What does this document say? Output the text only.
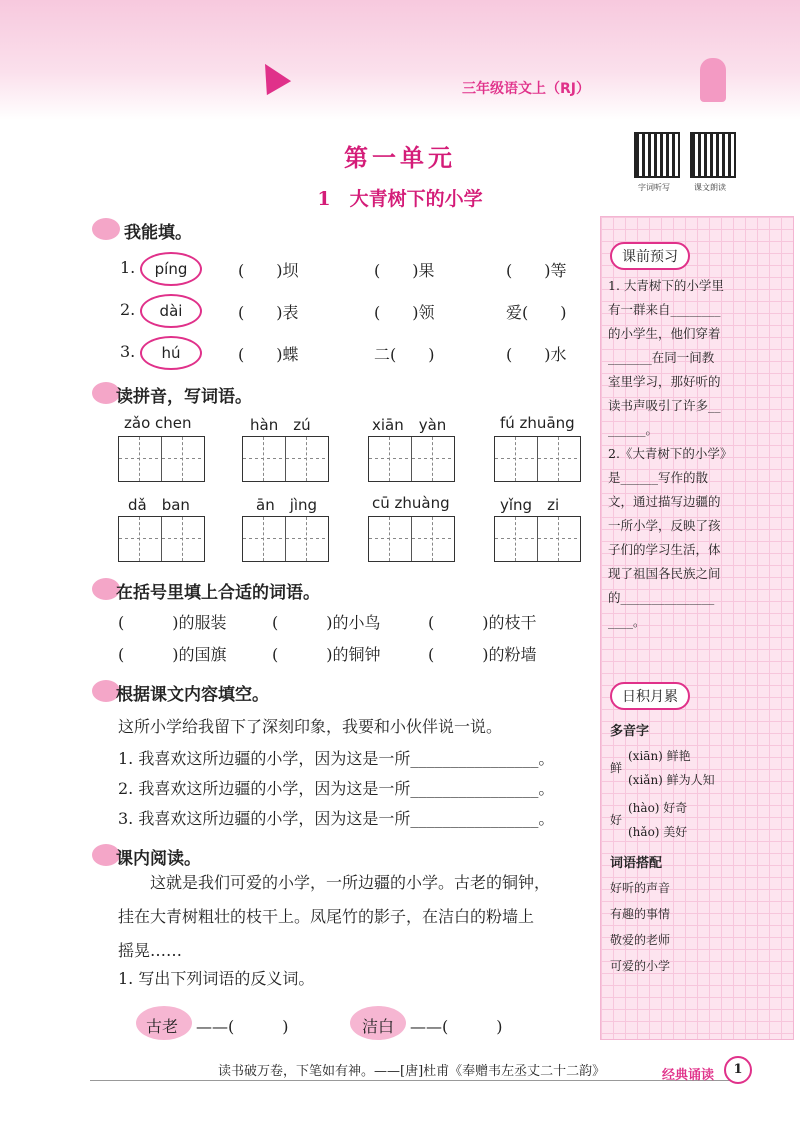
三年级语文上（RJ）
第一单元
1　大青树下的小学
字词听写	课文朗读
我能填。
1.	píng	(　　)坝	(　　)果	(　　)等
2.	dài	(　　)表	(　　)领	爱(　　)
3.	hú	(　　)蝶	二(　　)	(　　)水
读拼音，写词语。
zǎo chen	hàn　zú	xiān　yàn	fú zhuāng
dǎ　ban	ān　jìng	cū zhuàng	yǐng　zi
在括号里填上合适的词语。
(　　　)的服装	(　　　)的小鸟	(　　　)的枝干
(　　　)的国旗	(　　　)的铜钟	(　　　)的粉墙
根据课文内容填空。
这所小学给我留下了深刻印象，我要和小伙伴说一说。
1. 我喜欢这所边疆的小学，因为这是一所________________。
2. 我喜欢这所边疆的小学，因为这是一所________________。
3. 我喜欢这所边疆的小学，因为这是一所________________。
课内阅读。
　　这就是我们可爱的小学，一所边疆的小学。古老的铜钟，
挂在大青树粗壮的枝干上。凤尾竹的影子，在洁白的粉墙上
摇晃……
1. 写出下列词语的反义词。
古老 ——(　　　)	洁白 ——(　　　)
课前预习
1. 大青树下的小学里
有一群来自________
的小学生，他们穿着
_______在同一间教
室里学习，那好听的
读书声吸引了许多__
______。
2.《大青树下的小学》
是______写作的散
文，通过描写边疆的
一所小学，反映了孩
子们的学习生活，体
现了祖国各民族之间
的_______________
____。
日积月累
多音字
鲜
(xiān) 鲜艳
(xiǎn) 鲜为人知
好
(hào) 好奇
(hǎo) 美好
词语搭配
好听的声音
有趣的事情
敬爱的老师
可爱的小学
读书破万卷，下笔如有神。——[唐]杜甫《奉赠韦左丞丈二十二韵》	经典诵读	1
